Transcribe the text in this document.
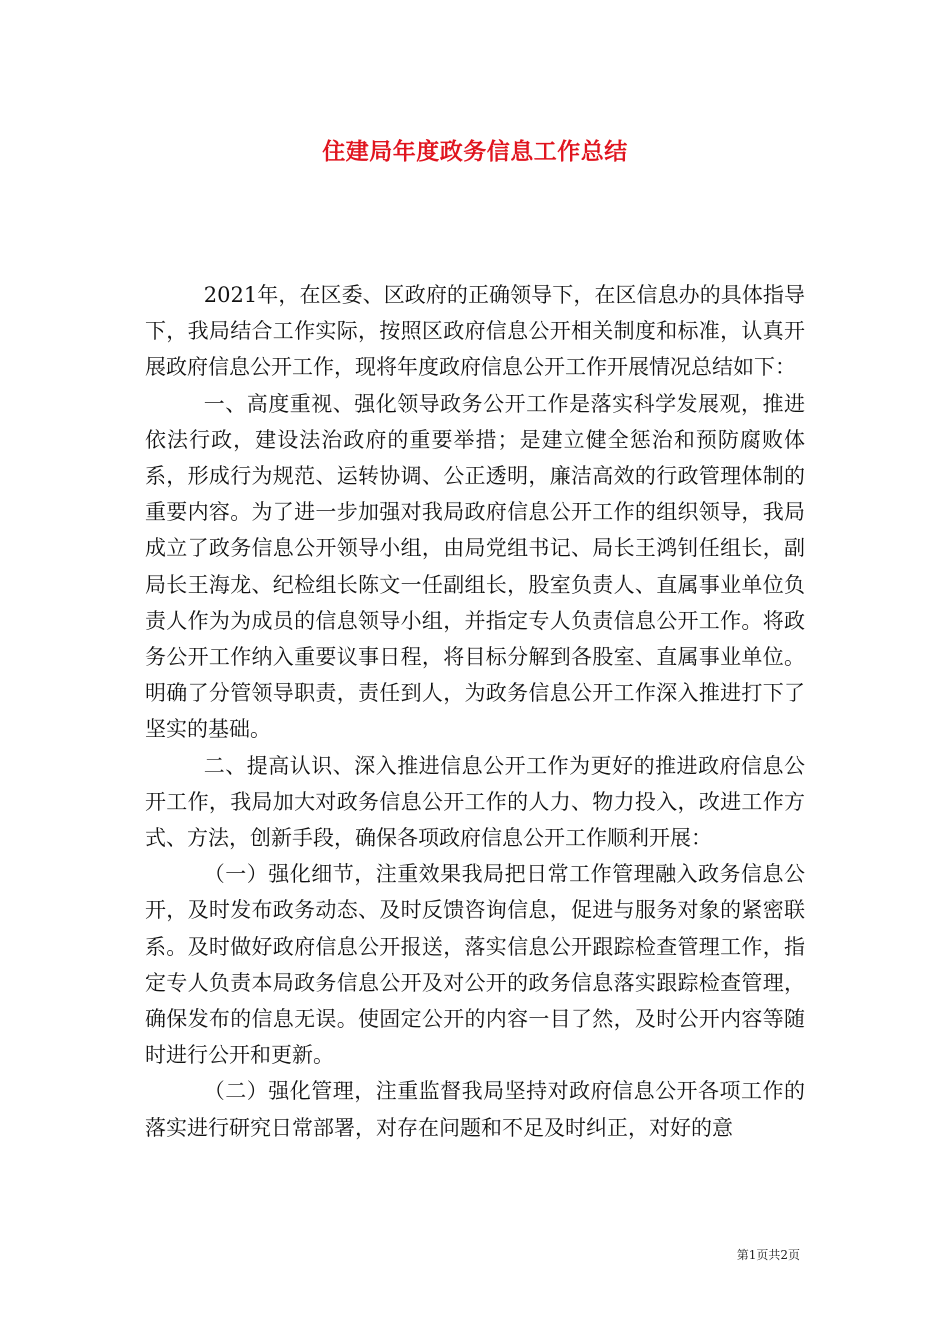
住建局年度政务信息工作总结

2021年，在区委、区政府的正确领导下，在区信息办的具体指导下，我局结合工作实际，按照区政府信息公开相关制度和标准，认真开展政府信息公开工作，现将年度政府信息公开工作开展情况总结如下：

一、高度重视、强化领导政务公开工作是落实科学发展观，推进依法行政，建设法治政府的重要举措；是建立健全惩治和预防腐败体系，形成行为规范、运转协调、公正透明，廉洁高效的行政管理体制的重要内容。为了进一步加强对我局政府信息公开工作的组织领导，我局成立了政务信息公开领导小组，由局党组书记、局长王鸿钊任组长，副局长王海龙、纪检组长陈文一任副组长，股室负责人、直属事业单位负责人作为为成员的信息领导小组，并指定专人负责信息公开工作。将政务公开工作纳入重要议事日程，将目标分解到各股室、直属事业单位。明确了分管领导职责，责任到人，为政务信息公开工作深入推进打下了坚实的基础。

二、提高认识、深入推进信息公开工作为更好的推进政府信息公开工作，我局加大对政务信息公开工作的人力、物力投入，改进工作方式、方法，创新手段，确保各项政府信息公开工作顺利开展：

（一）强化细节，注重效果我局把日常工作管理融入政务信息公开，及时发布政务动态、及时反馈咨询信息，促进与服务对象的紧密联系。及时做好政府信息公开报送，落实信息公开跟踪检查管理工作，指定专人负责本局政务信息公开及对公开的政务信息落实跟踪检查管理，确保发布的信息无误。使固定公开的内容一目了然，及时公开内容等随时进行公开和更新。

（二）强化管理，注重监督我局坚持对政府信息公开各项工作的落实进行研究日常部署，对存在问题和不足及时纠正，对好的意

第1页共2页
